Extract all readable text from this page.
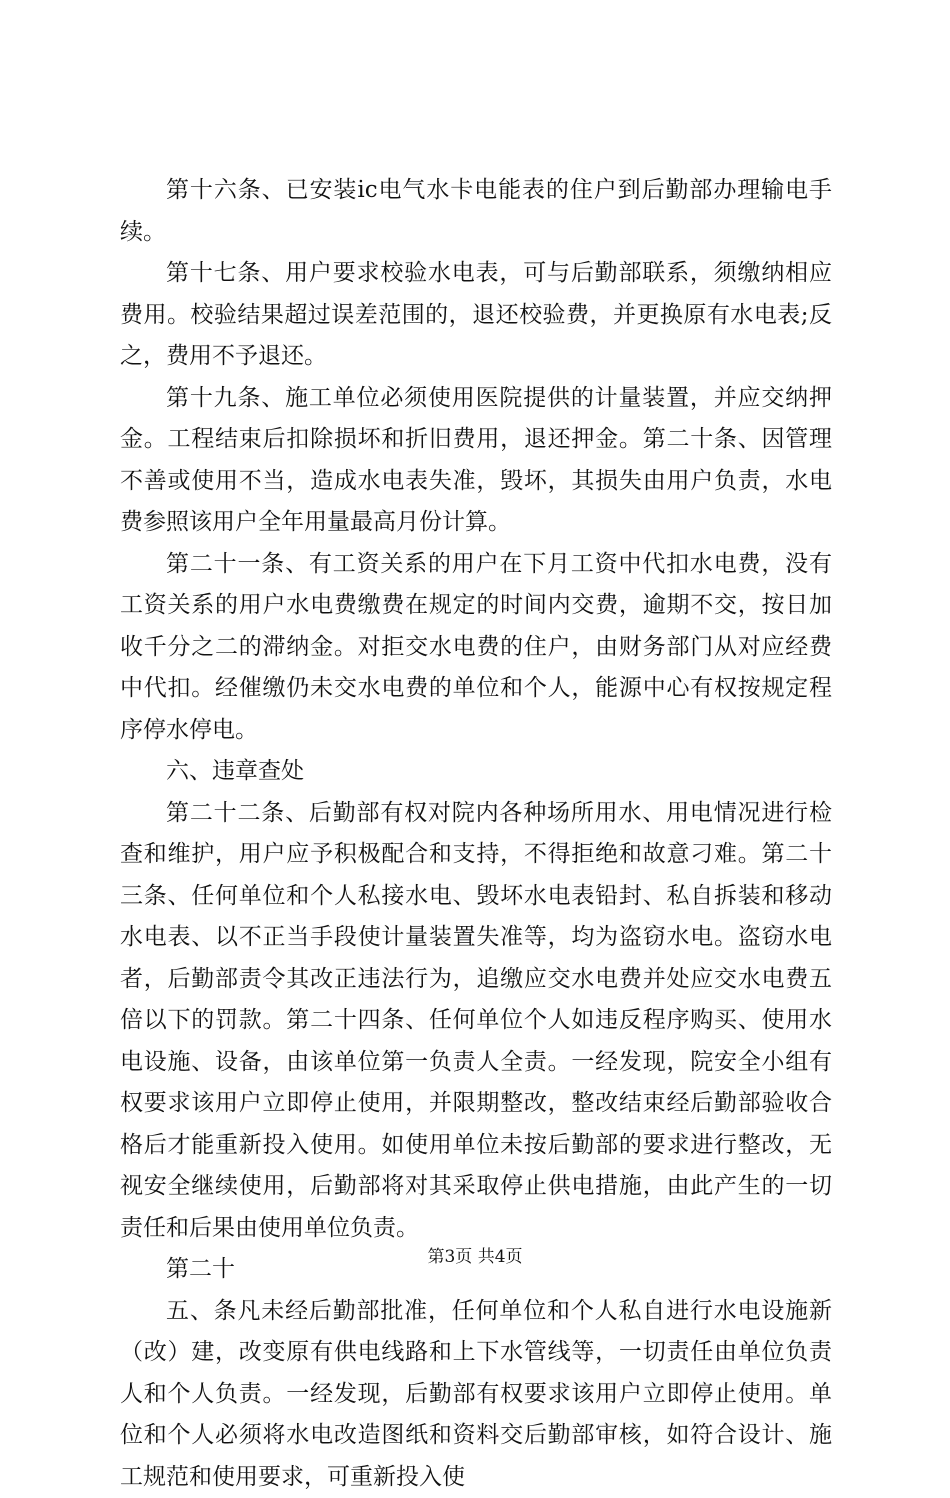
第十六条、已安装ic电气水卡电能表的住户到后勤部办理输电手续。

第十七条、用户要求校验水电表，可与后勤部联系，须缴纳相应费用。校验结果超过误差范围的，退还校验费，并更换原有水电表;反之，费用不予退还。

第十九条、施工单位必须使用医院提供的计量装置，并应交纳押金。工程结束后扣除损坏和折旧费用，退还押金。第二十条、因管理不善或使用不当，造成水电表失准，毁坏，其损失由用户负责，水电费参照该用户全年用量最高月份计算。

第二十一条、有工资关系的用户在下月工资中代扣水电费，没有工资关系的用户水电费缴费在规定的时间内交费，逾期不交，按日加收千分之二的滞纳金。对拒交水电费的住户，由财务部门从对应经费中代扣。经催缴仍未交水电费的单位和个人，能源中心有权按规定程序停水停电。

六、违章查处

第二十二条、后勤部有权对院内各种场所用水、用电情况进行检查和维护，用户应予积极配合和支持，不得拒绝和故意刁难。第二十三条、任何单位和个人私接水电、毁坏水电表铅封、私自拆装和移动水电表、以不正当手段使计量装置失准等，均为盗窃水电。盗窃水电者，后勤部责令其改正违法行为，追缴应交水电费并处应交水电费五倍以下的罚款。第二十四条、任何单位个人如违反程序购买、使用水电设施、设备，由该单位第一负责人全责。一经发现，院安全小组有权要求该用户立即停止使用，并限期整改，整改结束经后勤部验收合格后才能重新投入使用。如使用单位未按后勤部的要求进行整改，无视安全继续使用，后勤部将对其采取停止供电措施，由此产生的一切责任和后果由使用单位负责。

第二十

五、条凡未经后勤部批准，任何单位和个人私自进行水电设施新（改）建，改变原有供电线路和上下水管线等，一切责任由单位负责人和个人负责。一经发现，后勤部有权要求该用户立即停止使用。单位和个人必须将水电改造图纸和资料交后勤部审核，如符合设计、施工规范和使用要求，可重新投入使

第3页 共4页
